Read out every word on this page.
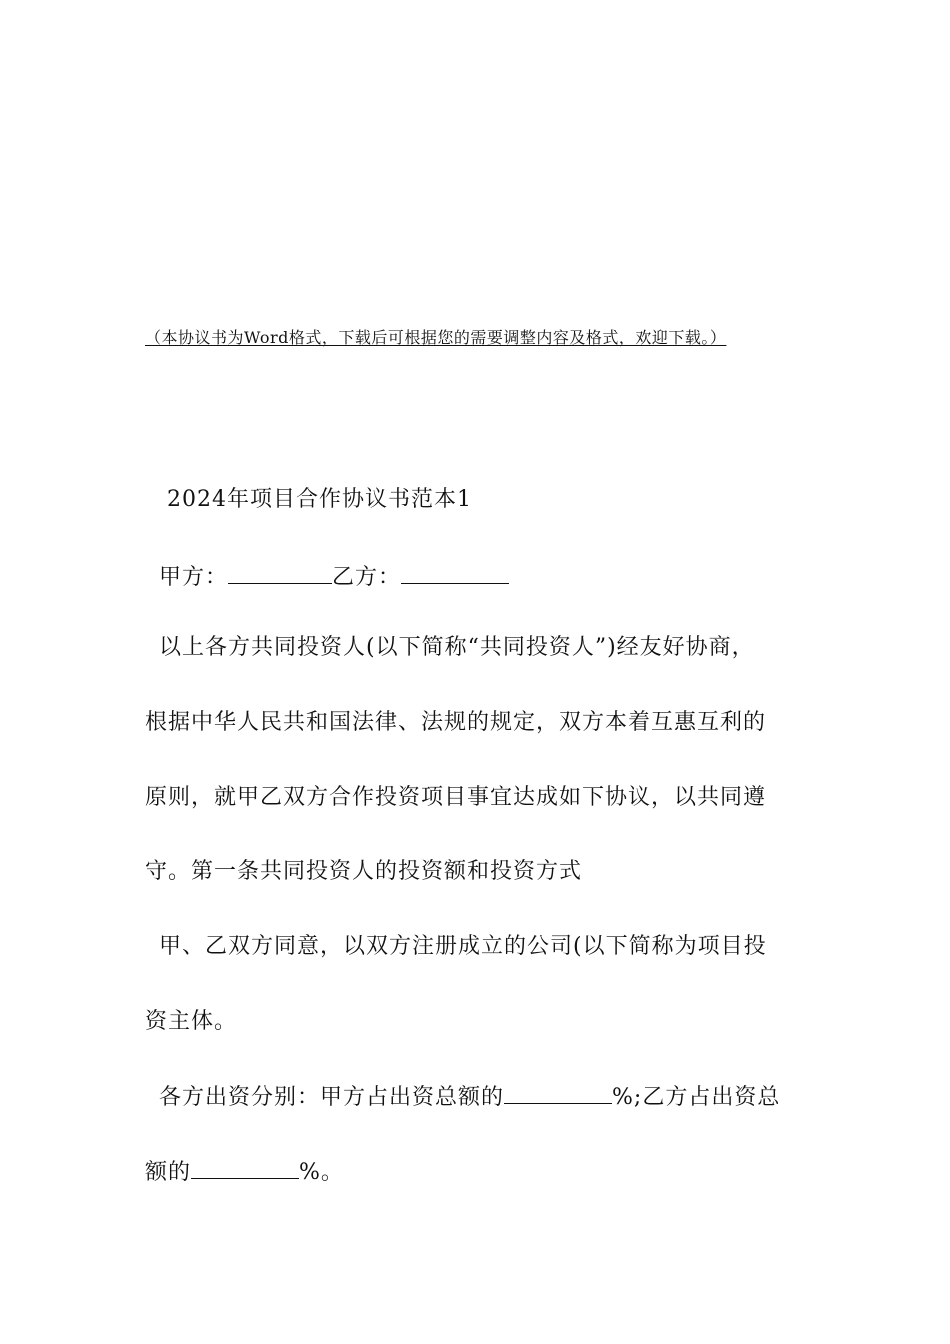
（本协议书为Word格式，下载后可根据您的需要调整内容及格式，欢迎下载。）
2024年项目合作协议书范本1
甲方：	乙方：
以上各方共同投资人(以下简称“共同投资人”)经友好协商，
根据中华人民共和国法律、法规的规定，双方本着互惠互利的
原则，就甲乙双方合作投资项目事宜达成如下协议，以共同遵
守。第一条共同投资人的投资额和投资方式
甲、乙双方同意，以双方注册成立的公司(以下简称为项目投
资主体。
各方出资分别：甲方占出资总额的	%;乙方占出资总
额的	%。
